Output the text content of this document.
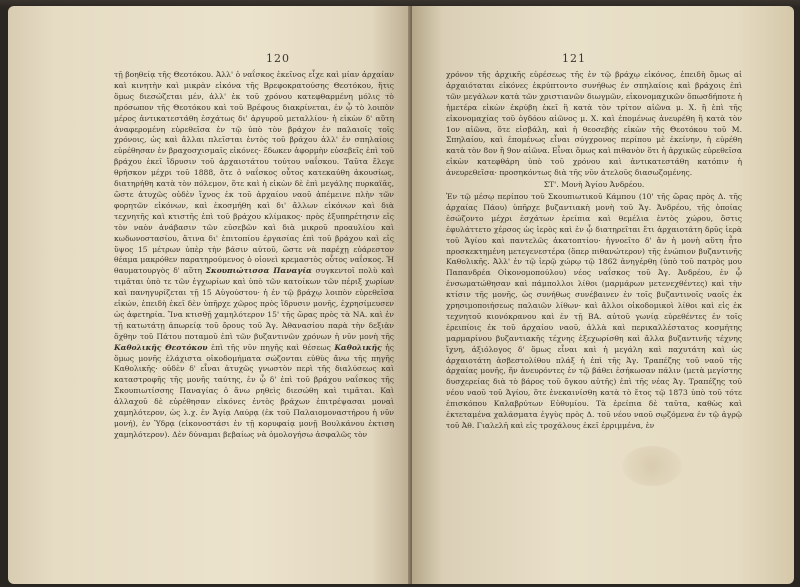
120

τῇ βοηθείᾳ τῆς Θεοτόκου. Ἀλλ' ὁ ναΐσκος ἐκεῖνος εἶχε καὶ μίαν ἀρχαίαν καὶ κινητὴν καὶ μικρὰν εἰκόνα τῆς Βρεφοκρατούσης Θεοτόκου, ἥτις ὅμως διεσώζεται μέν, ἀλλ' ἐκ τοῦ χρόνου κατεφθαρμένη μόλις τὸ πρόσωπον τῆς Θεοτόκου καὶ τοῦ Βρέφους διακρίνεται, ἐν ᾧ τὸ λοιπὸν μέρος ἀντικατεστάθη ἐσχάτως δι' ἀργυροῦ μεταλλίου· ἡ εἰκὼν δ' αὕτη ἀναφερομένη εὑρεθεῖσα ἐν τῷ ὑπὸ τὸν βράχον ἐν παλαιοῖς τοῖς χρόνοις, ὡς καὶ ἄλλαι πλεῖσται ἐντὸς τοῦ βράχου ἀλλ' ἐν σπηλαίοις εὑρέθησαν ἐν βραχοσχισμαῖς εἰκόνες· ἔδωκεν ἀφορμὴν εὐσεβεῖς ἐπὶ τοῦ βράχου ἐκεῖ ἵδρυσιν τοῦ ἀρχαιοτάτου τούτου ναΐσκου. Ταῦτα ἔλεγε θρήσκον μέχρι τοῦ 1888, ὅτε ὁ ναΐσκος οὗτος κατεκαύθη ἀκουσίως, διατηρήθη κατὰ τὸν πόλεμον, ὅτε καὶ ἡ εἰκὼν δὲ ἐπὶ μεγάλης πυρκαϊᾶς, ὥστε ἀτυχῶς οὐδὲν ἴχνος ἐκ τοῦ ἀρχαίου ναοῦ ἀπέμεινε πλὴν τῶν φορητῶν εἰκόνων, καὶ ἐκοσμήθη καὶ δι' ἄλλων εἰκόνων καὶ διὰ τεχνητῆς καὶ κτιστῆς ἐπὶ τοῦ βράχου κλίμακος· πρὸς ἐξυπηρέτησιν εἰς τὸν ναὸν ἀνάβασιν τῶν εὐσεβῶν καὶ διὰ μικροῦ προαυλίου καὶ κωδωνοστασίου, ἅτινα δι' ἐπιτοπίου ἐργασίας ἐπὶ τοῦ βράχου καὶ εἰς ὕψος 15 μέτρων ὑπὲρ τὴν βάσιν αὐτοῦ, ὥστε νὰ παρέχῃ εὐάρεστον θέαμα μακρόθεν παρατηρούμενος ὁ οἰονεὶ κρεμαστὸς οὗτος ναΐσκος. Ἡ θαυματουργὸς δ' αὕτη Σκουπιώτισσα Παναγία συγκεντοῖ πολὺ καὶ τιμᾶται ὑπὸ τε τῶν ἐγχωρίων καὶ ὑπὸ τῶν κατοίκων τῶν πέριξ χωρίων καὶ πανηγυρίζεται τῇ 15 Αὐγούστου· ἡ ἐν τῷ βράχῳ λοιπὸν εὑρεθεῖσα εἰκών, ἐπειδὴ ἐκεῖ δὲν ὑπῆρχε χῶρος πρὸς ἵδρυσιν μονῆς, ἐχρησίμευσεν ὡς ἀφετηρία. Ἵνα κτισθῇ χαμηλότερον 15' τῆς ὥρας πρὸς τὰ ΝΑ. καὶ ἐν τῇ κατωτάτῃ ἀπωρείᾳ τοῦ ὄρους τοῦ Ἁγ. Ἀθανασίου παρὰ τὴν δεξιὰν ὄχθην τοῦ Πάτου ποταμοῦ ἐπὶ τῶν βυζαντινῶν χρόνων ἡ νῦν μονὴ τῆς Καθολικῆς Θεοτόκου ἐπὶ τῆς νῦν πηγῆς καὶ θέσεως Καθολικῆς ἡς ὅμως μονῆς ἐλάχιστα οἰκοδομήματα σώζονται εὐθὺς ἄνω τῆς πηγῆς Καθολικῆς· οὐδὲν δ' εἶναι ἀτυχῶς γνωστὸν περὶ τῆς διαλύσεως καὶ καταστροφῆς τῆς μονῆς ταύτης, ἐν ᾧ δ' ἐπὶ τοῦ βράχου ναΐσκος τῆς Σκουπιωτίσσης Παναγίας ὁ ἄνω ρηθεὶς διεσώθη καὶ τιμᾶται. Καὶ ἀλλαχοῦ δὲ εὑρέθησαν εἰκόνες ἐντὸς βράχων ἐπιτρέψασαι μοναὶ χαμηλότερον, ὡς λ.χ. ἐν Ἁγίᾳ Λαύρᾳ (ἐκ τοῦ Παλαιομοναστήρου ἡ νῦν μονή), ἐν Ὑδρᾳ (εἰκονοστάσι ἐν τῇ κορυφαίᾳ μονῇ Βουλκάνου ἐκτιση χαμηλότερον). Δὲν δύναμαι βεβαίως νὰ ὁμολογήσω ἀσφαλῶς τὸν

121

χρόνον τῆς ἀρχικῆς εὑρέσεως τῆς ἐν τῷ βράχῳ εἰκόνος, ἐπειδὴ ὅμως αἱ ἀρχαιόταται εἰκόνες ἐκρύπτοντο συνήθως ἐν σπηλαίοις καὶ βράχοις ἐπὶ τῶν μεγάλων κατὰ τῶν χριστιανῶν διωγμῶν, εἰκονομαχικῶν ὅπωσδήποτε ἡ ἡμετέρα εἰκὼν ἐκρύβη ἐκεῖ ἢ κατὰ τὸν τρίτον αἰῶνα μ. Χ. ἢ ἐπὶ τῆς εἰκονομαχίας τοῦ ὀγδόου αἰῶνος μ. Χ. καὶ ἐπομένως ἀνευρέθη ἢ κατὰ τὸν 1ον αἰῶνα, ὅτε εἰσβάλη, καὶ ἡ θεοσεβὴς εἰκὼν τῆς Θεοτόκου τοῦ Μ. Σπηλαίου, καὶ ἐπομένως εἶναι σύγχρονος περίπου μὲ ἐκείνην, ἡ εὑρέθη κατὰ τὸν 8ον ἢ 9ον αἰῶνα. Εἶναι ὅμως καὶ πιθανὸν ὅτι ἡ ἀρχικῶς εὑρεθεῖσα εἰκὼν κατεφθάρη ὑπὸ τοῦ χρόνου καὶ ἀντικατεστάθη κατόπιν ἡ ἀνευρεθεῖσα· προσηκόντως διὰ τῆς νῦν ἀτελοῦς διασωζομένης.

ΣΤ'. Μονὴ Ἁγίου Ἀνδρέου.

Ἐν τῷ μέσῳ περίπου τοῦ Σκουπιωτικοῦ Κάμπου (10' τῆς ὥρας πρὸς Δ. τῆς ἀρχαίας Πάου) ὑπῆρχε βυζαντιακὴ μονὴ τοῦ Ἁγ. Ἀνδρέου, τῆς ὁποίας ἐσώζοντο μέχρι ἐσχάτων ἐρείπια καὶ θεμέλια ἐντὸς χώρου, ὅστις ἐφυλάττετο χέρσος ὡς ἱερὸς καὶ ἐν ᾧ διατηρεῖται ἔτι ἀρχαιοτάτη δρῦς ἱερὰ τοῦ Ἁγίου καὶ παντελῶς ἀκατοπτίου· ἠγνοεῖτο δ' ἄν ἡ μονὴ αὕτη ἦτο προσκεκτημένη μετεγενεστέρα (ὅπερ πιθανώτερον) τῆς ἐνώπιον βυζαντινῆς Καθολικῆς. Ἀλλ' ἐν τῷ ἱερῷ χώρῳ τῷ 1862 ἀνηγέρθη (ὑπὸ τοῦ πατρὸς μου Παπανδρέα Οἰκονομοπούλου) νέος ναΐσκος τοῦ Ἁγ. Ἀνδρέου, ἐν ᾧ ἐνσωματώθησαν καὶ πάμπολλοι λίθοι (μαρμάρων μετενεχθέντες) καὶ τὴν κτίσιν τῆς μονῆς, ὡς συνήθως συνέβαινεν ἐν τοῖς βυζαντινοῖς ναοῖς ἐκ χρησιμοποιήσεως παλαιῶν λίθων· καὶ ἄλλοι οἰκοδομικοὶ λίθοι καὶ εἰς ἐκ τεχνητοῦ κιονόκρανου καὶ ἐν τῇ ΒΑ. αὐτοῦ γωνίᾳ εὑρεθέντες ἐν τοῖς ἐρειπίοις ἐκ τοῦ ἀρχαίου ναοῦ, ἀλλὰ καὶ περικαλλέστατος κοσμήτης μαρμαρίνου βυζαντιακῆς τέχνης ἐξεχωρίσθη καὶ ἄλλα βυζαντινῆς τέχνης ἴχνη, ἀξιόλογος δ' ὅμως εἶναι καὶ ἡ μεγάλη καὶ παχυτάτη καὶ ὡς ἀρχαιοτάτη ἀσβεστολίθου πλάξ ἡ ἐπὶ τῆς Ἁγ. Τραπέζης τοῦ ναοῦ τῆς ἀρχαίας μονῆς, ἥν ἀνευρόντες ἐν τῷ βάθει ἐσήκωσαν πάλιν (μετὰ μεγίστης δυσχερείας διὰ τὸ βάρος τοῦ ὄγκου αὐτῆς) ἐπὶ τῆς νέας Ἁγ. Τραπέζης τοῦ νέου ναοῦ τοῦ Ἁγίου, ὅτε ἐνεκαινίσθη κατὰ τὸ ἔτος τῷ 1873 ὑπὸ τοῦ τότε ἐπισκόπου Καλαβρύτων Εὐθυμίου. Τὰ ἐρείπια δὲ ταῦτα, καθὼς καὶ ἐκτεταμένα χαλάσματα ἐγγὺς πρὸς Δ. τοῦ νέου ναοῦ σῳζόμενα ἐν τῷ ἀγρῷ τοῦ Ἀθ. Γιαλελῆ καὶ εἰς τροχάλους ἐκεῖ ἐρριμμένα, ἐν
